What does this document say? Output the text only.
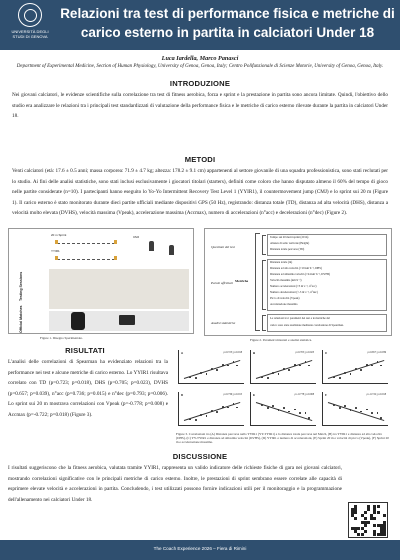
UNIVERSITÀ DEGLI STUDI DI GENOVA
Relazioni tra test di performance fisica e metriche di carico esterno in partita in calciatori Under 18
Luca Iardella, Marco Panasci
Department of Experimental Medicine, Section of Human Physiology, University of Genoa, Genoa, Italy; Centro Polifunzionale di Scienze Motorie, University of Genoa, Genoa, Italy.
INTRODUZIONE
Nei giovani calciatori, le evidenze scientifiche sulla correlazione tra test di fitness aerobica, forza e sprint e la prestazione in partita sono ancora limitate. Quindi, l'obiettivo dello studio era analizzare le relazioni tra i principali test standardizzati di valutazione della performance fisica e le metriche di carico esterno rilevate durante la partita in calciatori Under 18.
METODI
Venti calciatori (età: 17.6 ± 0.5 anni; massa corporea: 71.9 ± 4.7 kg; altezza: 178.2 ± 9.1 cm) appartenenti al settore giovanile di una squadra professionistica, sono stati reclutati per lo studio. Ai fini delle analisi statistiche, sono stati inclusi esclusivamente i giocatori titolari (starters), definiti come coloro che hanno disputato almeno il 60% del tempo di gioco nelle partite considerate (n=10). I partecipanti hanno eseguito lo Yo-Yo Intermittent Recovery Test Level 1 (YYIR1), il countermovement jump (CMJ) e lo sprint sui 20 m (Figure 1). Il carico esterno è stato monitorato durante dieci partite ufficiali mediante dispositivi GPS (50 Hz), registrando: distanza totale (TD), distanza ad alta velocità (DHS), distanza a velocità molto elevata (DVHS), velocità massima (Vpeak), accelerazione massima (Accmax), numero di accelerazioni (n°acc) e decelerazioni (n°dec) (Figure 2).
Testing Sessions
Official Matches
20 m Sprint
YYIR1
CMJ
Figure 1. Disegno Sperimentale.
Metriche
Questioni del test
Tempo sui 20 metri sprint (20 m)
Altezza di salto verticale (Height)
Distanza totale percorsa (TD)
Parole affrettati
Distanza totale (m)
Distanza ad alta velocità (>19 km·h⁻¹, DHS)
Distanza ad altissima velocità (>24 km·h⁻¹, DVHS)
Velocità massima (km·h⁻¹)
Numero accelerazioni (>3 m·s⁻², n°acc)
Numero decelerazioni (<-3 m·s⁻², n°dec)
Picco di velocità (Vpeak)
Accelerazione massima
Analisi statistiche
Le relazioni tra i parametri dei test e le metriche del
carico sono state analizzate mediante correlazione di Spearman.
Figure 2. Parametri misurati e analisi statistica.
RISULTATI
L'analisi delle correlazioni di Spearman ha evidenziato relazioni tra la performance nei test e alcune metriche di carico esterno. Lo YYIR1 risultava correlato con TD (p=0.723; p=0.018), DHS (p=0.705; p=0.023), DVHS (p=0.657; p=0.039), n°acc (p=0.736; p=0.015) e n°dec (p=0.793; p=0.006). Lo sprint sui 20 m mostrava correlazioni con Vpeak (p=-0.778; p=0.008) e Accmax (p=-0.722; p=0.018) (Figure 3).
A	ρ=0.723; p=0.018	B	ρ=0.705; p=0.023	C	ρ=0.657; p=0.039
D	ρ=0.736; p=0.015	E	ρ=-0.778; p=0.008	F	ρ=-0.722; p=0.018
Figure 3. Correlazioni tra (A) Distanza percorsa nello YYIR1 (YY-TYIR1) e la distanza totale percorsa nel Match, (B) tra YYIR1 e distanza ad alta velocità (DHS), (C) YY-TYIR1 e distanza ad altissima velocità (DVHS), (D) YYIR1 e numero di accelerazioni, (E) Sprint 20 m e velocità di picco (Vpeak), (F) Sprint 20 m e accelerazione massima.
DISCUSSIONE
I risultati suggeriscono che la fitness aerobica, valutata tramite YYIR1, rappresenta un valido indicatore delle richieste fisiche di gara nei giovani calciatori, mostrando correlazioni significative con le principali metriche di carico esterno. Inoltre, le prestazioni di sprint sembrano essere correlate alle capacità di esprimere elevate velocità e accelerazioni in partita. Concludendo, i test utilizzati possono fornire indicazioni utili per il monitoraggio e la programmazione dell'allenamento nei calciatori Under 18.
The Coach Experience 2026 – Fiera di Rimini
